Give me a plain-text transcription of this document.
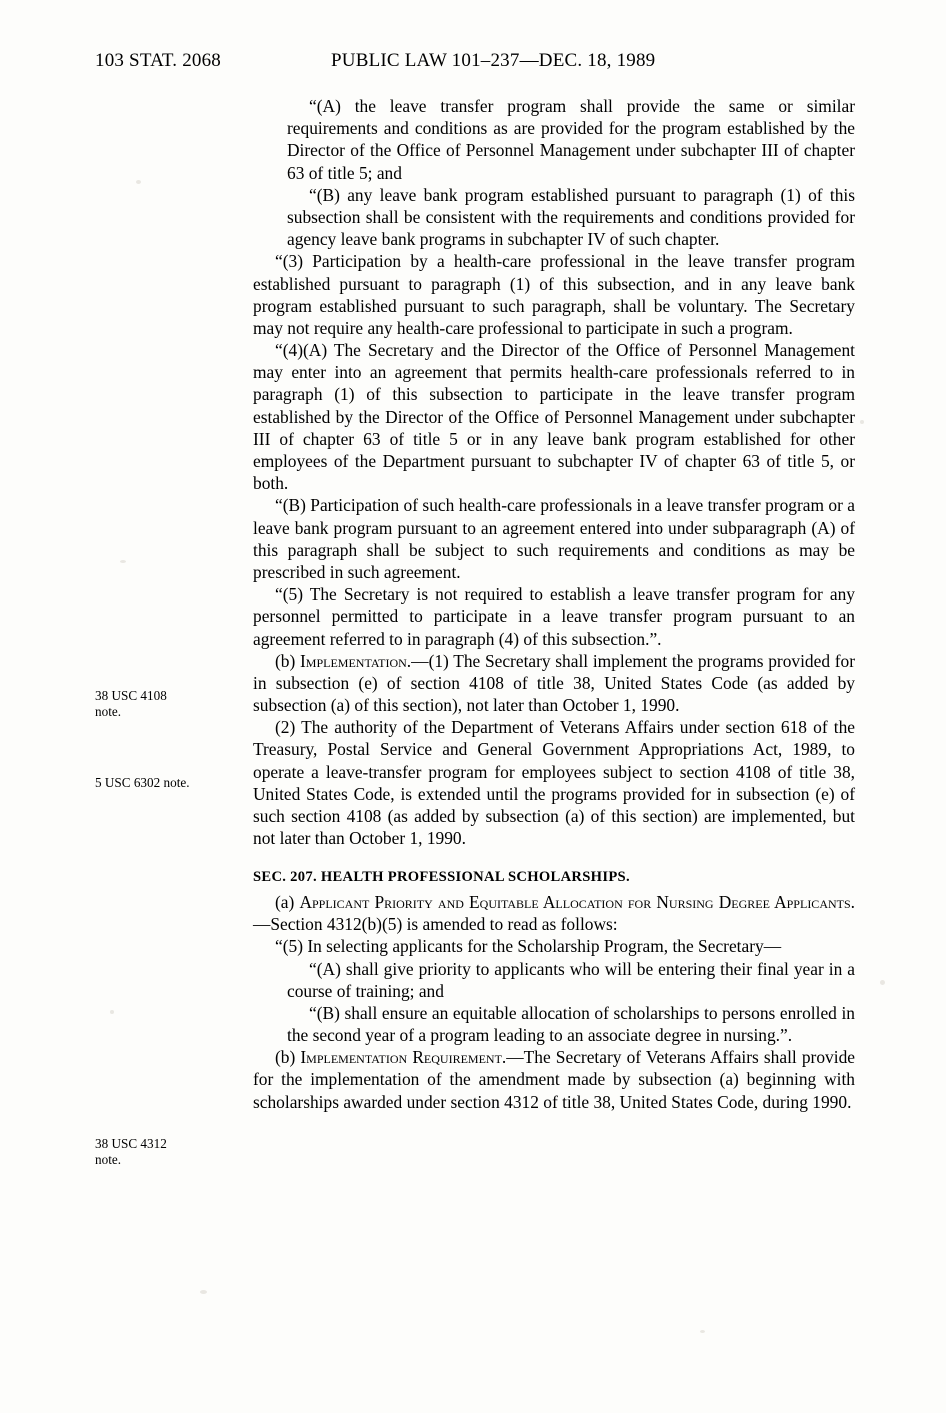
103 STAT. 2068	PUBLIC LAW 101–237—DEC. 18, 1989
38 USC 4108
note.
5 USC 6302 note.
38 USC 4312
note.

“(A) the leave transfer program shall provide the same or similar requirements and conditions as are provided for the program established by the Director of the Office of Personnel Management under subchapter III of chapter 63 of title 5; and

“(B) any leave bank program established pursuant to paragraph (1) of this subsection shall be consistent with the requirements and conditions provided for agency leave bank programs in subchapter IV of such chapter.

“(3) Participation by a health-care professional in the leave transfer program established pursuant to paragraph (1) of this subsection, and in any leave bank program established pursuant to such paragraph, shall be voluntary. The Secretary may not require any health-care professional to participate in such a program.

“(4)(A) The Secretary and the Director of the Office of Personnel Management may enter into an agreement that permits health-care professionals referred to in paragraph (1) of this subsection to participate in the leave transfer program established by the Director of the Office of Personnel Management under subchapter III of chapter 63 of title 5 or in any leave bank program established for other employees of the Department pursuant to subchapter IV of chapter 63 of title 5, or both.

“(B) Participation of such health-care professionals in a leave transfer program or a leave bank program pursuant to an agreement entered into under subparagraph (A) of this paragraph shall be subject to such requirements and conditions as may be prescribed in such agreement.

“(5) The Secretary is not required to establish a leave transfer program for any personnel permitted to participate in a leave transfer program pursuant to an agreement referred to in paragraph (4) of this subsection.”.

(b) Implementation.—(1) The Secretary shall implement the programs provided for in subsection (e) of section 4108 of title 38, United States Code (as added by subsection (a) of this section), not later than October 1, 1990.

(2) The authority of the Department of Veterans Affairs under section 618 of the Treasury, Postal Service and General Government Appropriations Act, 1989, to operate a leave-transfer program for employees subject to section 4108 of title 38, United States Code, is extended until the programs provided for in subsection (e) of such section 4108 (as added by subsection (a) of this section) are implemented, but not later than October 1, 1990.

SEC. 207. HEALTH PROFESSIONAL SCHOLARSHIPS.

(a) Applicant Priority and Equitable Allocation for Nursing Degree Applicants.—Section 4312(b)(5) is amended to read as follows:

“(5) In selecting applicants for the Scholarship Program, the Secretary—

“(A) shall give priority to applicants who will be entering their final year in a course of training; and

“(B) shall ensure an equitable allocation of scholarships to persons enrolled in the second year of a program leading to an associate degree in nursing.”.

(b) Implementation Requirement.—The Secretary of Veterans Affairs shall provide for the implementation of the amendment made by subsection (a) beginning with scholarships awarded under section 4312 of title 38, United States Code, during 1990.
